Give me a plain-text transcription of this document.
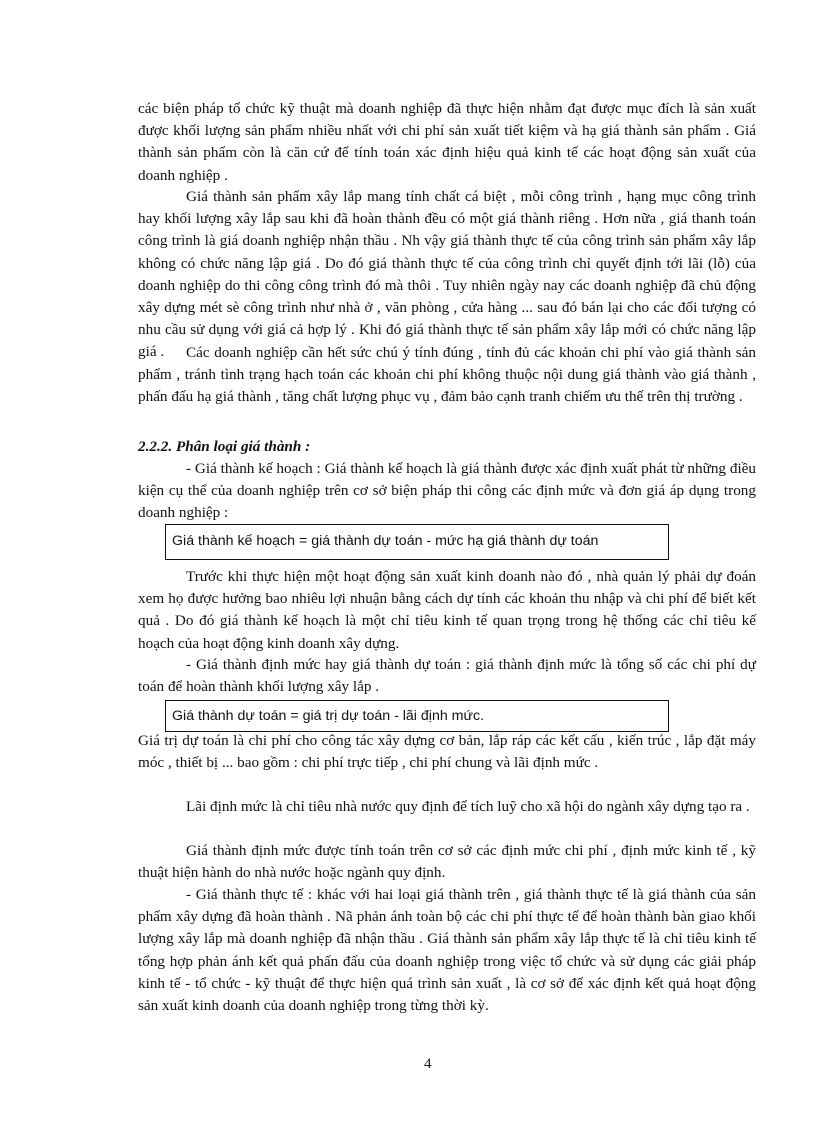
các biện pháp tổ chức kỹ thuật mà doanh nghiệp đã thực hiện nhằm đạt được mục đích là sản xuất được khối lượng sản phẩm nhiều nhất với chi phí sản xuất tiết kiệm và hạ giá thành sản phẩm . Giá thành sản phẩm còn là căn cứ để tính toán xác định hiệu quả kinh tế các hoạt động sản xuất của doanh nghiệp .

Giá thành sản phẩm xây lắp mang tính chất cá biệt , mỗi công trình , hạng mục công trình hay khối lượng xây lắp sau khi đã hoàn thành đều có một giá thành riêng . Hơn nữa , giá thanh toán công trình là giá doanh nghiệp nhận thầu . Nh vậy giá thành thực tế của công trình sản phẩm xây lắp không có chức năng lập giá . Do đó giá thành thực tế của công trình chỉ quyết định tới lãi (lỗ) của doanh nghiệp do thi công công trình đó mà thôi . Tuy nhiên ngày nay các doanh nghiệp đã chủ động xây dựng mét sè công trình như nhà ở , văn phòng , cửa hàng ... sau đó bán lại cho các đối tượng có nhu cầu sử dụng với giá cả hợp lý . Khi đó giá thành thực tế sản phẩm xây lắp mới có chức năng lập giá .	Các doanh nghiệp cần hết sức chú ý tính đúng , tính đủ các khoản chi phí vào giá thành sản phẩm , tránh tình trạng hạch toán các khoản chi phí không thuộc nội dung giá thành vào giá thành , phấn đấu hạ giá thành , tăng chất lượng phục vụ , đảm bảo cạnh tranh chiếm ưu thế trên thị trường .

2.2.2. Phân loại giá thành :

- Giá thành kế hoạch : Giá thành kế hoạch là giá thành được xác định xuất phát từ những điều kiện cụ thể của doanh nghiệp trên cơ sở biện pháp thi công các định mức và đơn giá áp dụng trong doanh nghiệp :

Giá thành kế hoạch = giá thành dự toán - mức hạ giá thành dự toán

Trước khi thực hiện một hoạt động sản xuất kinh doanh nào đó , nhà quản lý phải dự đoán xem họ được hưởng bao nhiêu lợi nhuận bằng cách dự tính các khoản thu nhập và chi phí để biết kết quả . Do đó giá thành kế hoạch là một chỉ tiêu kinh tế quan trọng trong hệ thống các chỉ tiêu kế hoạch của hoạt động kinh doanh xây dựng.

- Giá thành định mức hay giá thành dự toán : giá thành định mức là tổng số các chi phí dự toán để hoàn thành khối lượng xây lắp .

Giá thành dự toán = giá trị dự toán - lãi định mức.

Giá trị dự toán là chi phí cho công tác xây dựng cơ bản, lắp ráp các kết cấu , kiến trúc , lắp đặt máy móc , thiết bị ... bao gồm : chi phí trực tiếp , chi phí chung và lãi định mức .

Lãi định mức là chỉ tiêu nhà nước quy định để tích luỹ cho xã hội do ngành xây dựng tạo ra .

Giá thành định mức được tính toán trên cơ sở các định mức chi phí , định mức kinh tế , kỹ thuật hiện hành do nhà nước hoặc ngành quy định.

- Giá thành thực tế : khác với hai loại giá thành trên , giá thành thực tế là giá thành của sản phẩm xây dựng đã hoàn thành . Nã phản ánh toàn bộ các chi phí thực tế để hoàn thành bàn giao khối lượng xây lắp mà doanh nghiệp đã nhận thầu . Giá thành sản phẩm xây lắp thực tế là chỉ tiêu kinh tế tổng hợp phản ánh kết quả phấn đấu của doanh nghiệp trong việc tổ chức và sử dụng các giải pháp kinh tế - tổ chức - kỹ thuật để thực hiện quá trình sản xuất , là cơ sở để xác định kết quả hoạt động sản xuất kinh doanh của doanh nghiệp trong từng thời kỳ.

4
